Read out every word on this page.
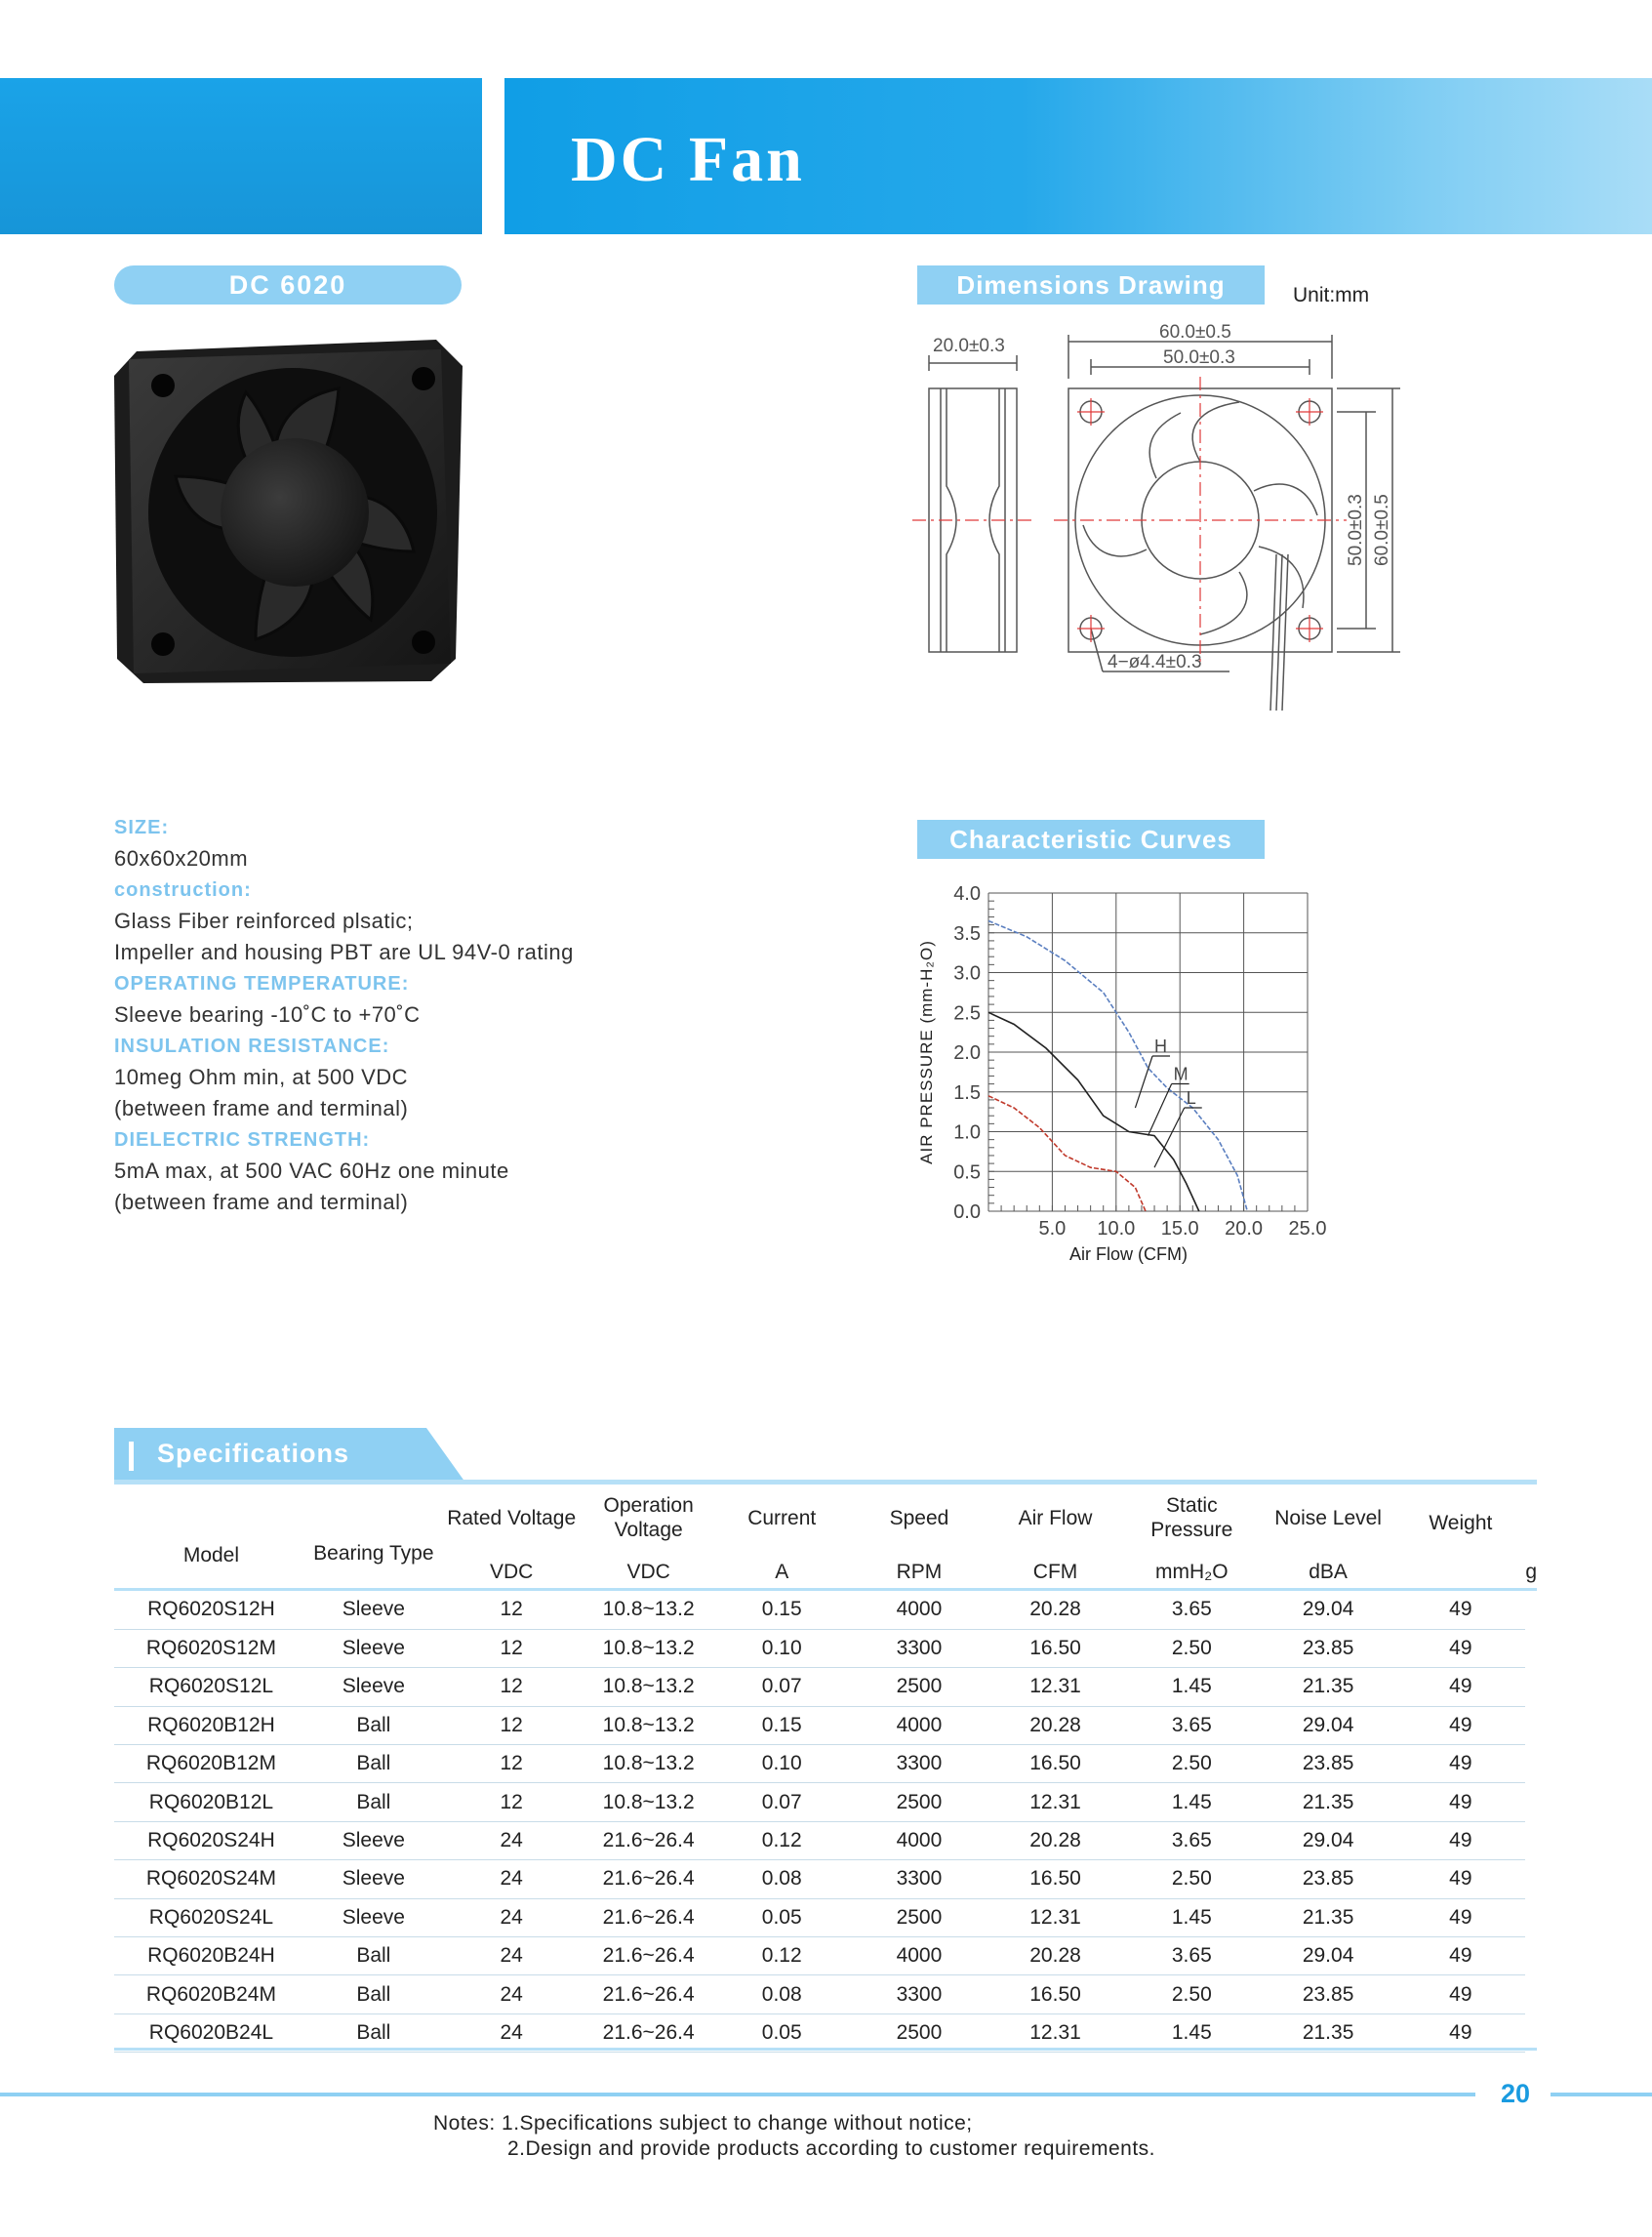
DC Fan
DC 6020
SIZE:
60x60x20mm
construction:
Glass Fiber reinforced plsatic;
Impeller and housing PBT are UL 94V-0 rating
OPERATING TEMPERATURE:
Sleeve bearing -10˚C to +70˚C
INSULATION RESISTANCE:
10meg Ohm min, at 500 VDC
(between frame and terminal)
DIELECTRIC STRENGTH:
5mA max, at 500 VAC 60Hz one minute
(between frame and terminal)
Dimensions Drawing	Unit:mm
20.0±0.3
60.0±0.5
50.0±0.3
50.0±0.3 60.0±0.5
4−ø4.4±0.3
Characteristic Curves
0.0
0.5
1.0
1.5
2.0
2.5
3.0
3.5
4.0
5.0 10.0 15.0 20.0 25.0
Air Flow (CFM)
AIR PRESSURE (mm-H₂O)	H
M
L
Specifications
Model	Bearing Type	Rated Voltage	Operation Voltage	Current	Speed	Air Flow	Static Pressure	Noise Level	Weight	
		VDC	VDC	A	RPM	CFM	mmH₂O	dBA		g
RQ6020S12H	Sleeve	12	10.8~13.2	0.15	4000	20.28	3.65	29.04	49	
RQ6020S12M	Sleeve	12	10.8~13.2	0.10	3300	16.50	2.50	23.85	49	
RQ6020S12L	Sleeve	12	10.8~13.2	0.07	2500	12.31	1.45	21.35	49	
RQ6020B12H	Ball	12	10.8~13.2	0.15	4000	20.28	3.65	29.04	49	
RQ6020B12M	Ball	12	10.8~13.2	0.10	3300	16.50	2.50	23.85	49	
RQ6020B12L	Ball	12	10.8~13.2	0.07	2500	12.31	1.45	21.35	49	
RQ6020S24H	Sleeve	24	21.6~26.4	0.12	4000	20.28	3.65	29.04	49	
RQ6020S24M	Sleeve	24	21.6~26.4	0.08	3300	16.50	2.50	23.85	49	
RQ6020S24L	Sleeve	24	21.6~26.4	0.05	2500	12.31	1.45	21.35	49	
RQ6020B24H	Ball	24	21.6~26.4	0.12	4000	20.28	3.65	29.04	49	
RQ6020B24M	Ball	24	21.6~26.4	0.08	3300	16.50	2.50	23.85	49	
RQ6020B24L	Ball	24	21.6~26.4	0.05	2500	12.31	1.45	21.35	49	
20
Notes: 1.Specifications subject to change without notice;
2.Design and provide products according to customer requirements.
